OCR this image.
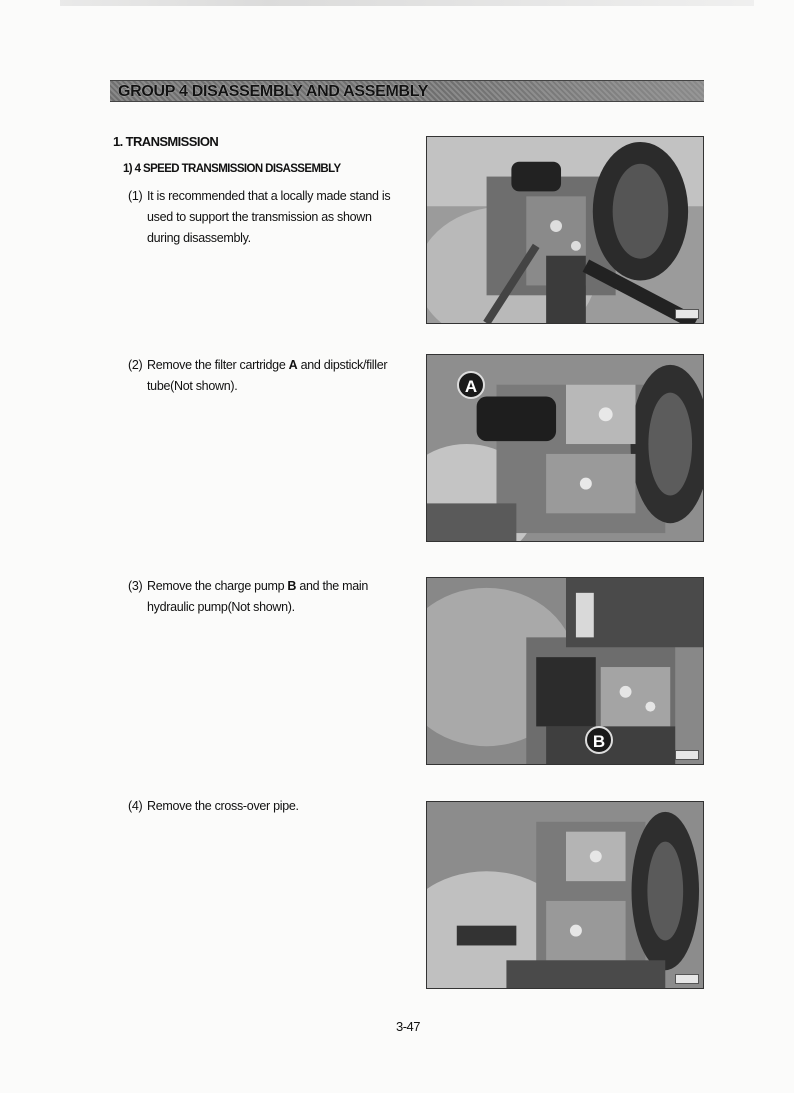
GROUP 4 DISASSEMBLY AND ASSEMBLY
1. TRANSMISSION
1) 4 SPEED TRANSMISSION DISASSEMBLY
(1) It is recommended that a locally made stand is used to support the transmission as shown during disassembly.
(2) Remove the filter cartridge A and dipstick/filler tube(Not shown).
(3) Remove the charge pump B and the main hydraulic pump(Not shown).
(4) Remove the cross-over pipe.
A
B
3-47
